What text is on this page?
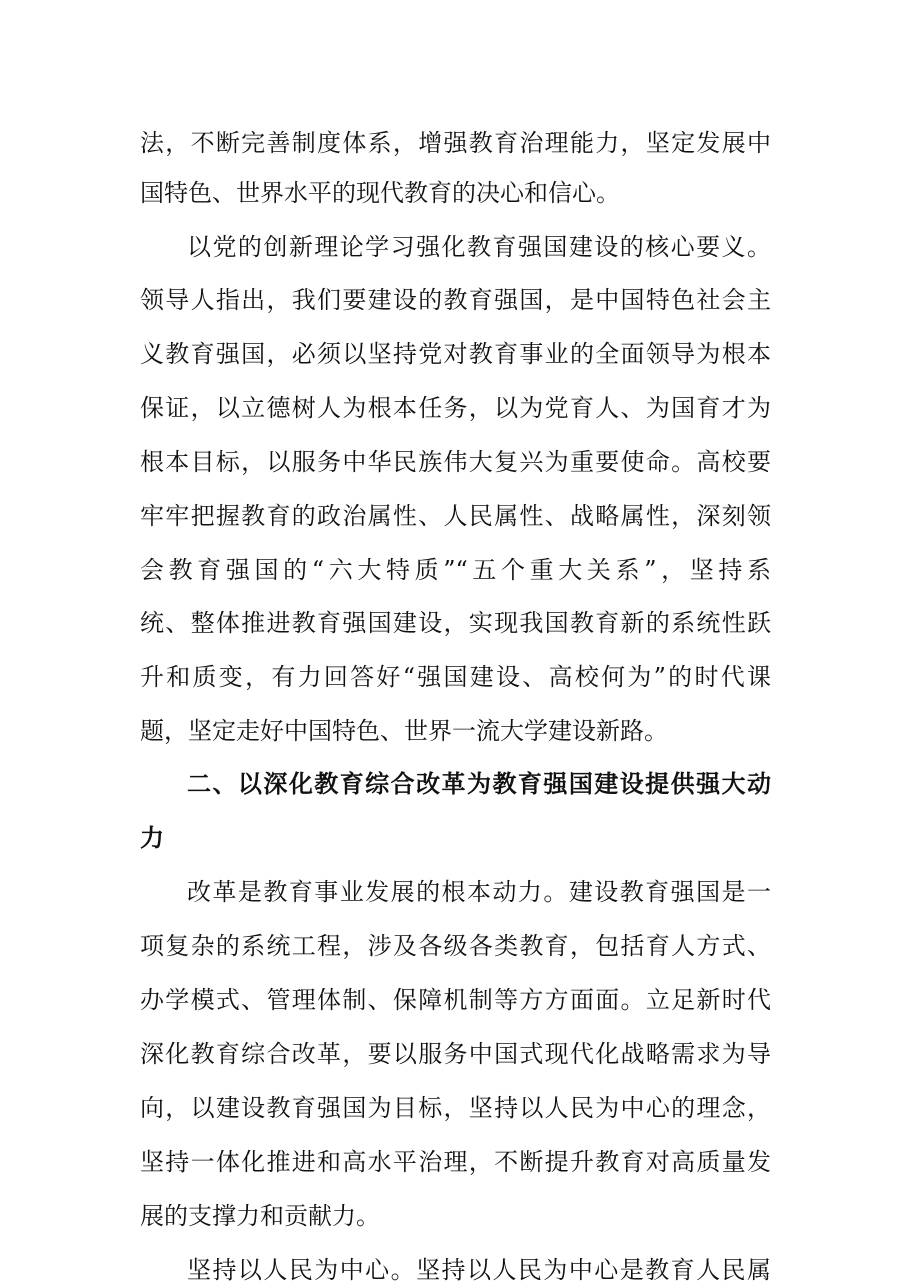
法，不断完善制度体系，增强教育治理能力，坚定发展中
国特色、世界水平的现代教育的决心和信心。
以党的创新理论学习强化教育强国建设的核心要义。
领导人指出，我们要建设的教育强国，是中国特色社会主
义教育强国，必须以坚持党对教育事业的全面领导为根本
保证，以立德树人为根本任务，以为党育人、为国育才为
根本目标，以服务中华民族伟大复兴为重要使命。高校要
牢牢把握教育的政治属性、人民属性、战略属性，深刻领
会教育强国的“六大特质”“五个重大关系”，坚持系
统、整体推进教育强国建设，实现我国教育新的系统性跃
升和质变，有力回答好“强国建设、高校何为”的时代课
题，坚定走好中国特色、世界一流大学建设新路。
二、以深化教育综合改革为教育强国建设提供强大动
力
改革是教育事业发展的根本动力。建设教育强国是一
项复杂的系统工程，涉及各级各类教育，包括育人方式、
办学模式、管理体制、保障机制等方方面面。立足新时代
深化教育综合改革，要以服务中国式现代化战略需求为导
向，以建设教育强国为目标，坚持以人民为中心的理念，
坚持一体化推进和高水平治理，不断提升教育对高质量发
展的支撑力和贡献力。
坚持以人民为中心。坚持以人民为中心是教育人民属
